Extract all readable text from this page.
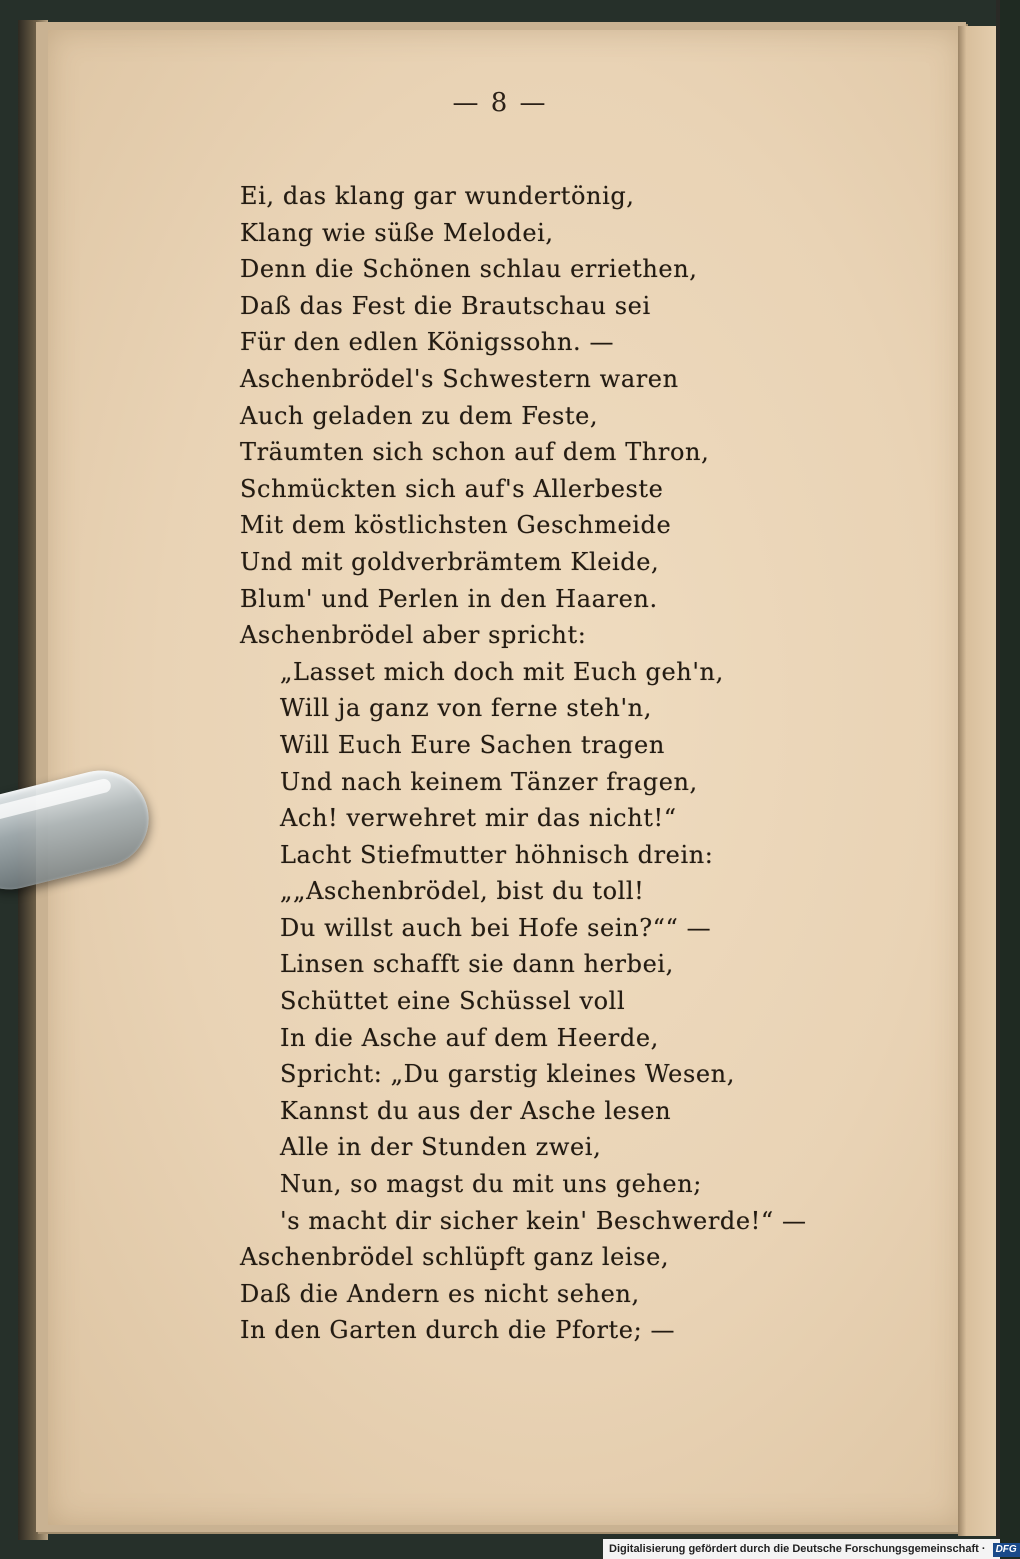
— 8 —
Ei, das klang gar wundertönig,
Klang wie süße Melodei,
Denn die Schönen schlau erriethen,
Daß das Fest die Brautschau sei
Für den edlen Königssohn. —
Aschenbrödel's Schwestern waren
Auch geladen zu dem Feste,
Träumten sich schon auf dem Thron,
Schmückten sich auf's Allerbeste
Mit dem köstlichsten Geschmeide
Und mit goldverbrämtem Kleide,
Blum' und Perlen in den Haaren.
Aschenbrödel aber spricht:
„Lasset mich doch mit Euch geh'n,
Will ja ganz von ferne steh'n,
Will Euch Eure Sachen tragen
Und nach keinem Tänzer fragen,
Ach! verwehret mir das nicht!“
Lacht Stiefmutter höhnisch drein:
„„Aschenbrödel, bist du toll!
Du willst auch bei Hofe sein?““ —
Linsen schafft sie dann herbei,
Schüttet eine Schüssel voll
In die Asche auf dem Heerde,
Spricht: „Du garstig kleines Wesen,
Kannst du aus der Asche lesen
Alle in der Stunden zwei,
Nun, so magst du mit uns gehen;
's macht dir sicher kein' Beschwerde!“ —
Aschenbrödel schlüpft ganz leise,
Daß die Andern es nicht sehen,
In den Garten durch die Pforte; —
Digitalisierung gefördert durch die Deutsche Forschungsgemeinschaft · DFG
